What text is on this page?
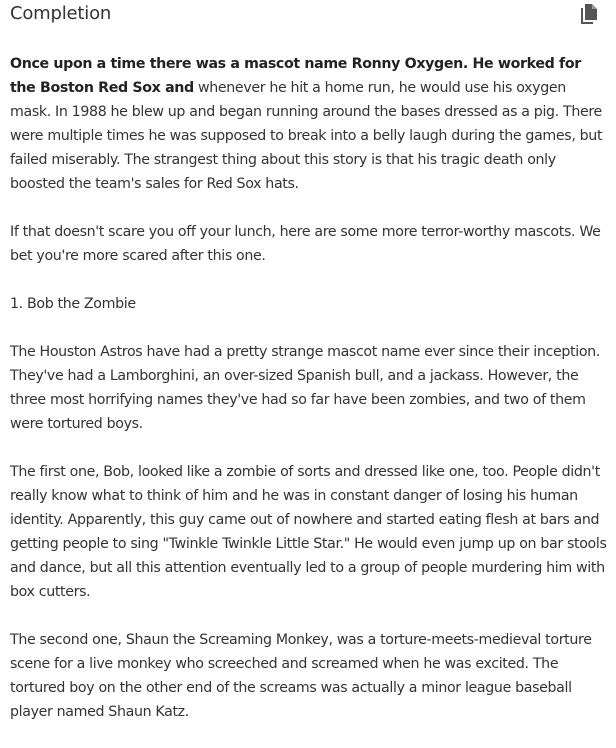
Completion

Once upon a time there was a mascot name Ronny Oxygen. He worked for the Boston Red Sox and whenever he hit a home run, he would use his oxygen mask. In 1988 he blew up and began running around the bases dressed as a pig. There were multiple times he was supposed to break into a belly laugh during the games, but failed miserably. The strangest thing about this story is that his tragic death only boosted the team's sales for Red Sox hats.

If that doesn't scare you off your lunch, here are some more terror-worthy mascots. We bet you're more scared after this one.

1. Bob the Zombie

The Houston Astros have had a pretty strange mascot name ever since their inception. They've had a Lamborghini, an over-sized Spanish bull, and a jackass. However, the three most horrifying names they've had so far have been zombies, and two of them were tortured boys.

The first one, Bob, looked like a zombie of sorts and dressed like one, too. People didn't really know what to think of him and he was in constant danger of losing his human identity. Apparently, this guy came out of nowhere and started eating flesh at bars and getting people to sing "Twinkle Twinkle Little Star." He would even jump up on bar stools and dance, but all this attention eventually led to a group of people murdering him with box cutters.

The second one, Shaun the Screaming Monkey, was a torture-meets-medieval torture scene for a live monkey who screeched and screamed when he was excited. The tortured boy on the other end of the screams was actually a minor league baseball player named Shaun Katz.
